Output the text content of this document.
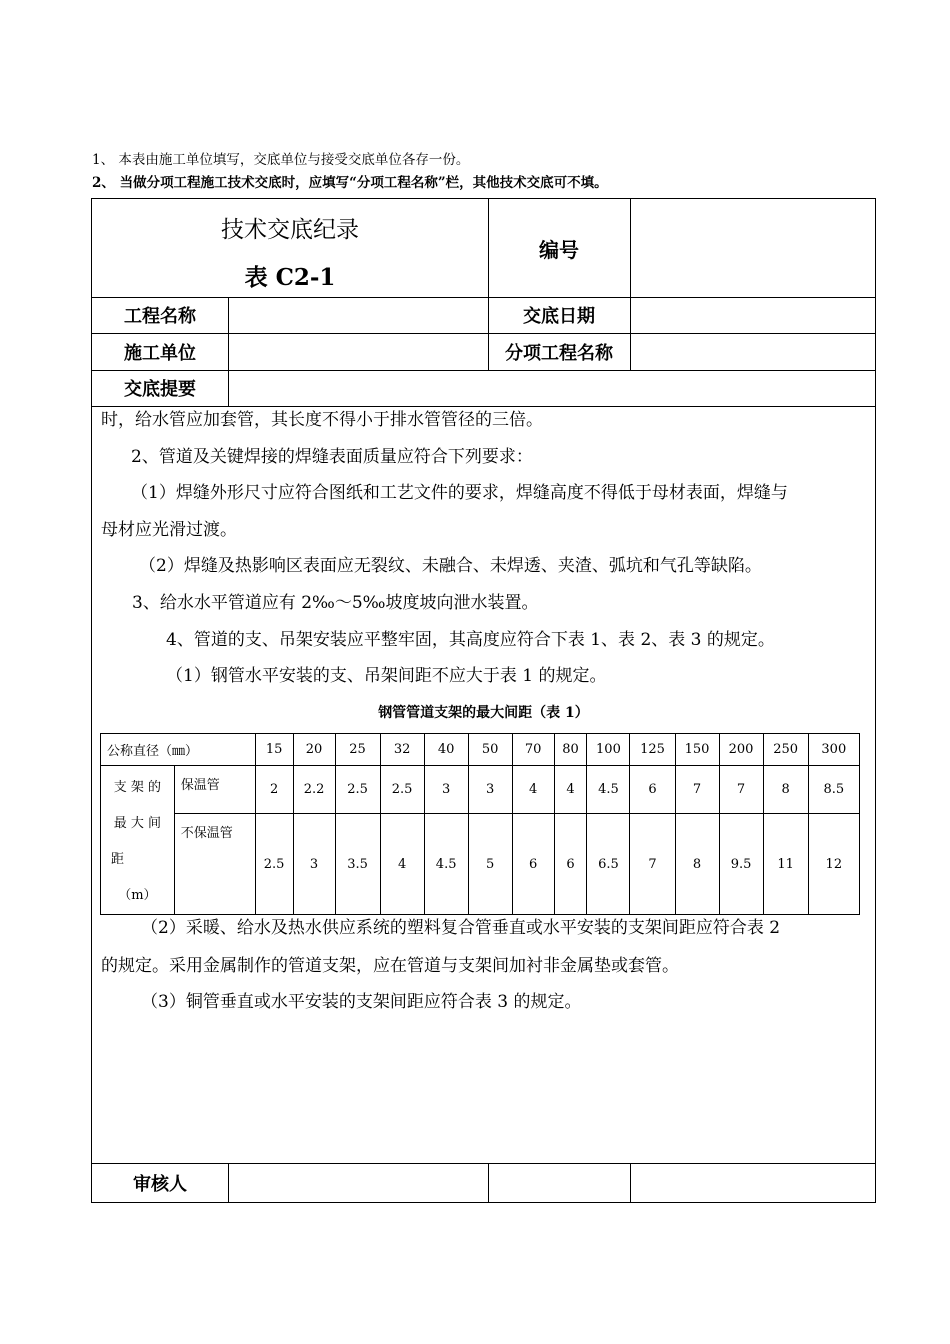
1、 本表由施工单位填写，交底单位与接受交底单位各存一份。
2、 当做分项工程施工技术交底时，应填写“分项工程名称”栏，其他技术交底可不填。
技术交底纪录
表 C2-1
编号
工程名称	交底日期
施工单位	分项工程名称
交底提要
时，给水管应加套管，其长度不得小于排水管管径的三倍。
2、管道及关键焊接的焊缝表面质量应符合下列要求：
（1）焊缝外形尺寸应符合图纸和工艺文件的要求，焊缝高度不得低于母材表面，焊缝与
母材应光滑过渡。
（2）焊缝及热影响区表面应无裂纹、未融合、未焊透、夹渣、弧坑和气孔等缺陷。
3、给水水平管道应有 2‰～5‰坡度坡向泄水装置。
4、管道的支、吊架安装应平整牢固，其高度应符合下表 1、表 2、表 3 的规定。
（1）钢管水平安装的支、吊架间距不应大于表 1 的规定。
钢管管道支架的最大间距（表 1）
公称直径（㎜）		15	20	25	32	40	50	70	80	100	125	150	200	250	300

支 架 的
最 大 间
距
（m）	保温管	2	2.2	2.5	2.5	3	3	4	4	4.5	6	7	7	8	8.5
	不保温管	2.5	3	3.5	4	4.5	5	6	6	6.5	7	8	9.5	11	12
（2）采暖、给水及热水供应系统的塑料复合管垂直或水平安装的支架间距应符合表 2
的规定。采用金属制作的管道支架，应在管道与支架间加衬非金属垫或套管。
（3）铜管垂直或水平安装的支架间距应符合表 3 的规定。
审核人
